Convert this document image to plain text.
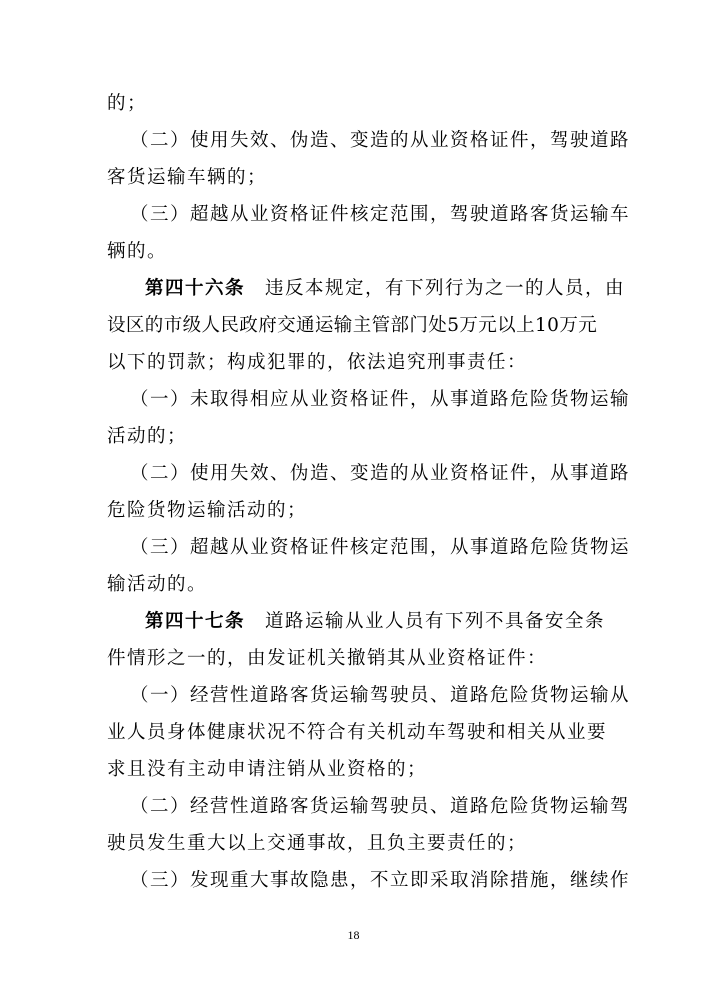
的；
（二）使用失效、伪造、变造的从业资格证件，驾驶道路
客货运输车辆的；
（三）超越从业资格证件核定范围，驾驶道路客货运输车
辆的。
第四十六条 违反本规定，有下列行为之一的人员，由
设区的市级人民政府交通运输主管部门处5万元以上10万元
以下的罚款；构成犯罪的，依法追究刑事责任：
（一）未取得相应从业资格证件，从事道路危险货物运输
活动的；
（二）使用失效、伪造、变造的从业资格证件，从事道路
危险货物运输活动的；
（三）超越从业资格证件核定范围，从事道路危险货物运
输活动的。
第四十七条 道路运输从业人员有下列不具备安全条
件情形之一的，由发证机关撤销其从业资格证件：
（一）经营性道路客货运输驾驶员、道路危险货物运输从
业人员身体健康状况不符合有关机动车驾驶和相关从业要
求且没有主动申请注销从业资格的；
（二）经营性道路客货运输驾驶员、道路危险货物运输驾
驶员发生重大以上交通事故，且负主要责任的；
（三）发现重大事故隐患，不立即采取消除措施，继续作
18
